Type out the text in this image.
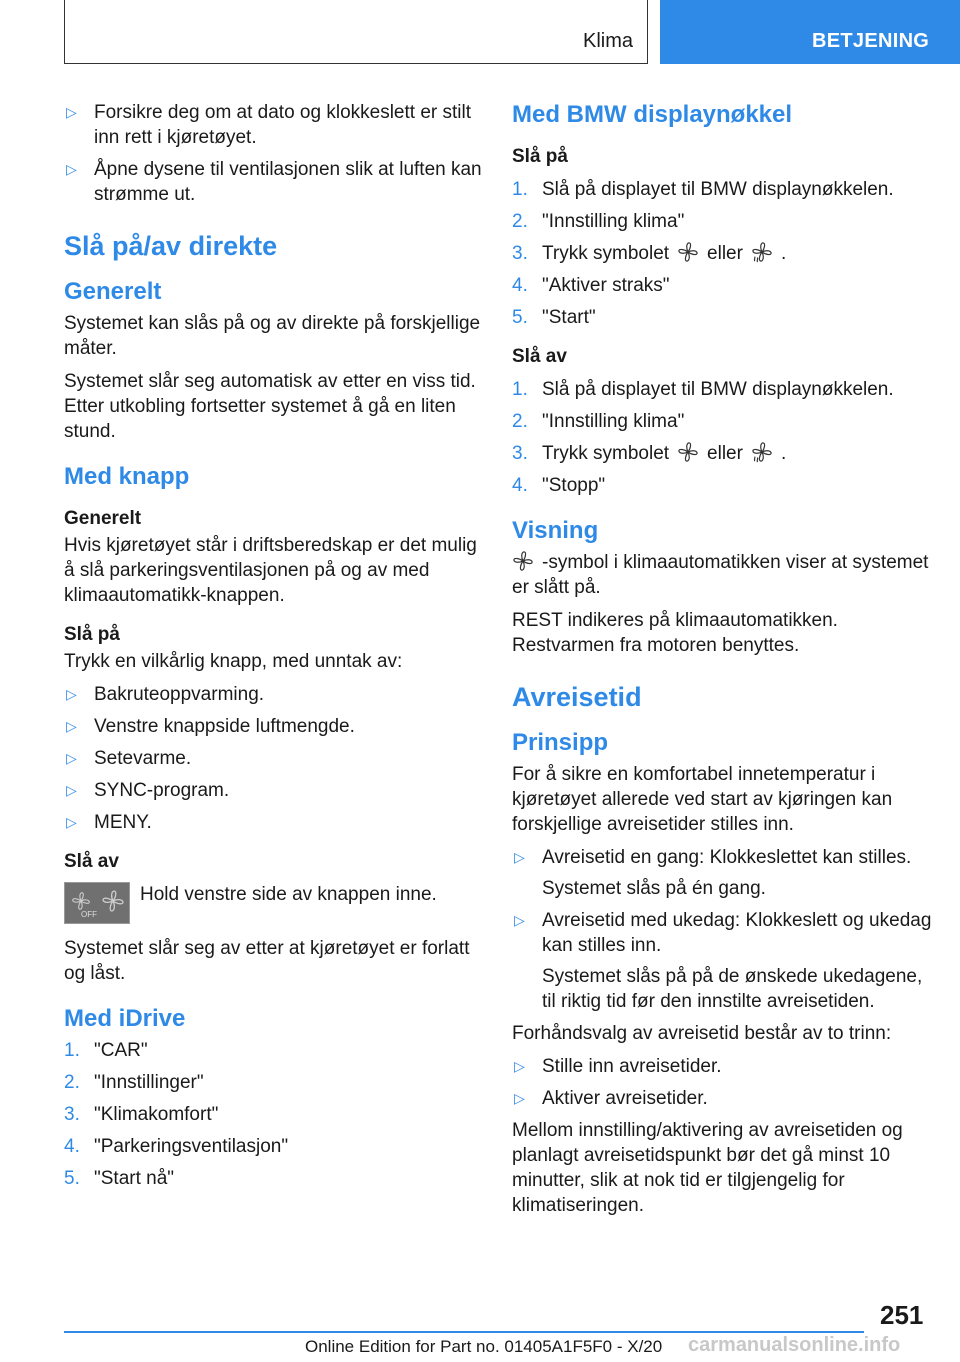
Klima	BETJENING
▷ Forsikre deg om at dato og klokkeslett er stilt inn rett i kjøretøyet.
▷ Åpne dysene til ventilasjonen slik at luften kan strømme ut.
Slå på/av direkte
Generelt

Systemet kan slås på og av direkte på forskjellige måter.

Systemet slår seg automatisk av etter en viss tid. Etter utkobling fortsetter systemet å gå en liten stund.

Med knapp
Generelt

Hvis kjøretøyet står i driftsberedskap er det mulig å slå parkeringsventilasjonen på og av med klimaautomatikk-knappen.

Slå på

Trykk en vilkårlig knapp, med unntak av:

▷ Bakruteoppvarming.
▷ Venstre knappside luftmengde.
▷ Setevarme.
▷ SYNC-program.
▷ MENY.
Slå av
OFF
Hold venstre side av knappen inne.

Systemet slår seg av etter at kjøretøyet er forlatt og låst.

Med iDrive
1. "CAR"
2. "Innstillinger"
3. "Klimakomfort"
4. "Parkeringsventilasjon"
5. "Start nå"
Med BMW displaynøkkel
Slå på
1. Slå på displayet til BMW displaynøkkelen.
2. "Innstilling klima"
3. Trykk symbolet eller .
4. "Aktiver straks"
5. "Start"
Slå av
1. Slå på displayet til BMW displaynøkkelen.
2. "Innstilling klima"
3. Trykk symbolet eller .
4. "Stopp"
Visning

-symbol i klimaautomatikken viser at systemet er slått på.

REST indikeres på klimaautomatikken. Restvarmen fra motoren benyttes.

Avreisetid
Prinsipp

For å sikre en komfortabel innetemperatur i kjøretøyet allerede ved start av kjøringen kan forskjellige avreisetider stilles inn.

▷ Avreisetid en gang: Klokkeslettet kan stilles.
Systemet slås på én gang.
▷ Avreisetid med ukedag: Klokkeslett og ukedag kan stilles inn.
Systemet slås på på de ønskede ukedagene, til riktig tid før den innstilte avreisetiden.

Forhåndsvalg av avreisetid består av to trinn:

▷ Stille inn avreisetider.
▷ Aktiver avreisetider.

Mellom innstilling/aktivering av avreisetiden og planlagt avreisetidspunkt bør det gå minst 10 minutter, slik at nok tid er tilgjengelig for klimatiseringen.

251
Online Edition for Part no. 01405A1F5F0 - X/20 carmanualsonline.info
